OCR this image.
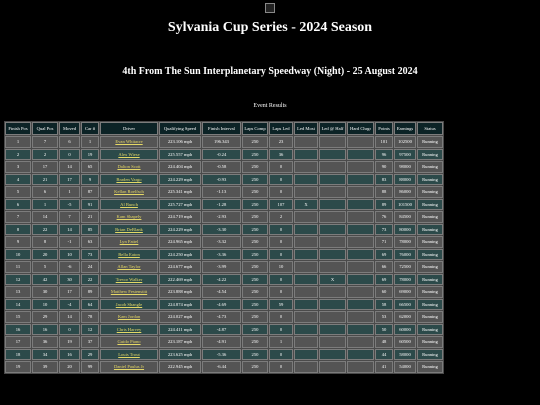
Sylvania Cup Series - 2024 Season
4th From The Sun Interplanetary Speedway (Night) - 25 August 2024
Event Results
Finish Pos	Qual Pos	Moved	Car #	Driver	Qualifying Speed	Finish Interval	Laps Comp	Laps Led	Led Most	Led @ Half	Hard Chrgr	Points	Earnings	Status
1	7	6	1	Evan Whitacre	223.106 mph	196.343	250	23				101	102500	Running
2	2	0	19	Alex Wiese	225.557 mph	-0.24	250	36				96	97500	Running
3	17	14	65	Dalton Scott	224.404 mph	-0.58	250	0				90	98000	Running
4	21	17	9	Braden Vargo	224.229 mph	-0.93	250	0				83	88000	Running
5	6	1	87	Kellan Roelfsch	225.341 mph	-1.13	250	0				88	86000	Running
6	1	-5	91	Al Bunch	225.727 mph	-1.28	250	107	X			89	101500	Running
7	14	7	21	Kam Shapely	224.719 mph	-2.93	250	2				76	84500	Running
8	22	14	85	Brian DeBlank	224.229 mph	-3.30	250	0				73	80000	Running
9	8	-1	63	Lyn Fattel	224.965 mph	-3.32	250	0				71	78000	Running
10	20	10	73	Bella Eaton	224.250 mph	-3.36	250	0				69	76000	Running
11	5	-6	24	Allan Taylor	224.677 mph	-3.99	250	10				66	72500	Running
12	42	30	22	Trevor Walker	222.469 mph	-4.22	250	0		X		69	78000	Running
13	30	17	89	Matthew Festenstitt	223.888 mph	-4.54	250	0				60	69000	Running
14	10	-4	64	Jacob Shangle	224.874 mph	-4.69	250	59				58	66500	Running
15	29	14	78	Kam Jordan	224.027 mph	-4.73	250	0				53	62000	Running
16	16	0	12	Chris Harvey	224.411 mph	-4.87	250	0				50	60000	Running
17	36	19	37	Guido Piano	223.187 mph	-4.91	250	1				48	60500	Running
18	34	16	29	Louis Trout	223.625 mph	-5.36	250	0				44	58000	Running
19	39	20	99	Daniel Paulus Jr	222.945 mph	-6.44	250	0				41	54000	Running
